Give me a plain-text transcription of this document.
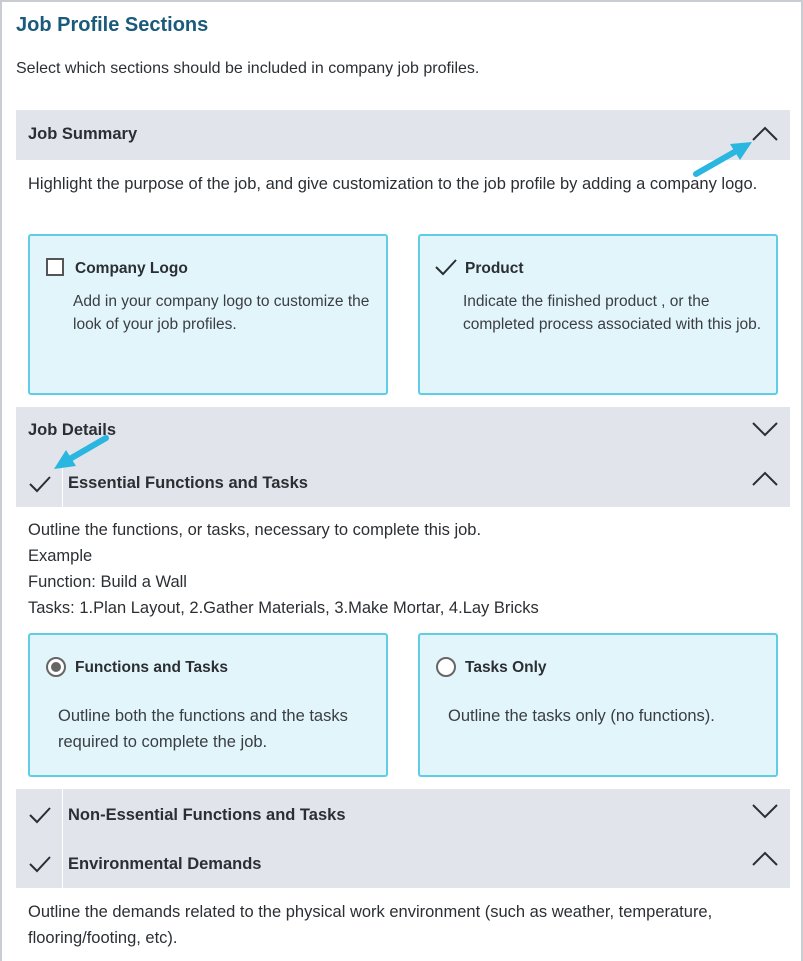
Job Profile Sections
Select which sections should be included in company job profiles.
Job Summary
Highlight the purpose of the job, and give customization to the job profile by adding a company logo.
Company Logo
Add in your company logo to customize the look of your job profiles.
Product
Indicate the finished product , or the completed process associated with this job.
Job Details
Essential Functions and Tasks
Outline the functions, or tasks, necessary to complete this job.
Example
Function: Build a Wall
Tasks: 1.Plan Layout, 2.Gather Materials, 3.Make Mortar, 4.Lay Bricks
Functions and Tasks
Outline both the functions and the tasks required to complete the job.
Tasks Only
Outline the tasks only (no functions).
Non-Essential Functions and Tasks
Environmental Demands
Outline the demands related to the physical work environment (such as weather, temperature, flooring/footing, etc).
